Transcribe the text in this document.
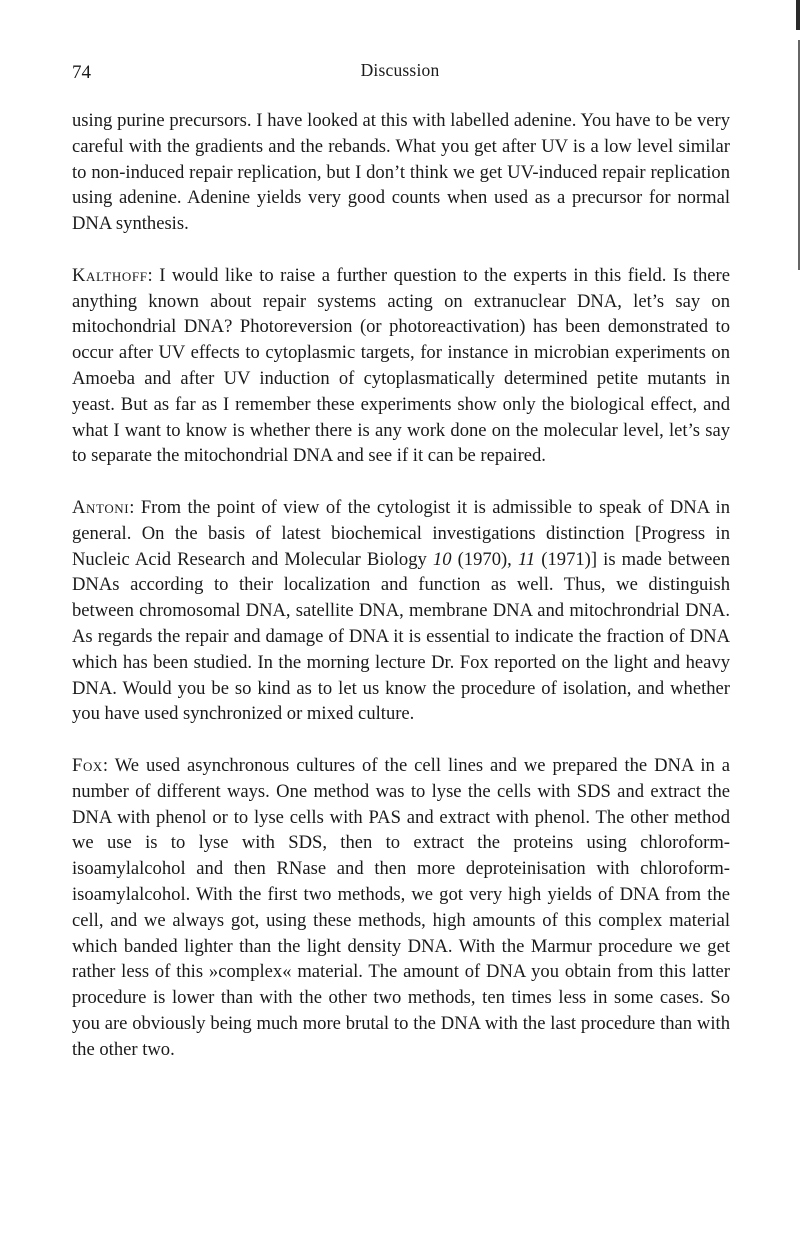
74	Discussion

using purine precursors. I have looked at this with labelled adenine. You have to be very careful with the gradients and the rebands. What you get after UV is a low level similar to non-induced repair replication, but I don’t think we get UV-induced repair replication using adenine. Adenine yields very good counts when used as a precursor for normal DNA synthesis.

Kalthoff: I would like to raise a further question to the experts in this field. Is there anything known about repair systems acting on extranuclear DNA, let’s say on mitochondrial DNA? Photoreversion (or photoreactivation) has been demonstrated to occur after UV effects to cytoplasmic targets, for instance in microbian experiments on Amoeba and after UV induction of cytoplasmatically determined petite mutants in yeast. But as far as I remember these experiments show only the biological effect, and what I want to know is whether there is any work done on the molecular level, let’s say to separate the mitochondrial DNA and see if it can be repaired.

Antoni: From the point of view of the cytologist it is admissible to speak of DNA in general. On the basis of latest biochemical investigations distinction [Progress in Nucleic Acid Research and Molecular Biology 10 (1970), 11 (1971)] is made between DNAs according to their localization and function as well. Thus, we distinguish between chromosomal DNA, satellite DNA, membrane DNA and mitochrondrial DNA. As regards the repair and damage of DNA it is essential to indicate the fraction of DNA which has been studied. In the morning lecture Dr. Fox reported on the light and heavy DNA. Would you be so kind as to let us know the procedure of isolation, and whether you have used synchronized or mixed culture.

Fox: We used asynchronous cultures of the cell lines and we prepared the DNA in a number of different ways. One method was to lyse the cells with SDS and extract the DNA with phenol or to lyse cells with PAS and extract with phenol. The other method we use is to lyse with SDS, then to extract the proteins using chloroform-isoamylalcohol and then RNase and then more deproteinisation with chloroform-isoamylalcohol. With the first two methods, we got very high yields of DNA from the cell, and we always got, using these methods, high amounts of this complex material which banded lighter than the light density DNA. With the Marmur procedure we get rather less of this »complex« material. The amount of DNA you obtain from this latter procedure is lower than with the other two methods, ten times less in some cases. So you are obviously being much more brutal to the DNA with the last procedure than with the other two.
